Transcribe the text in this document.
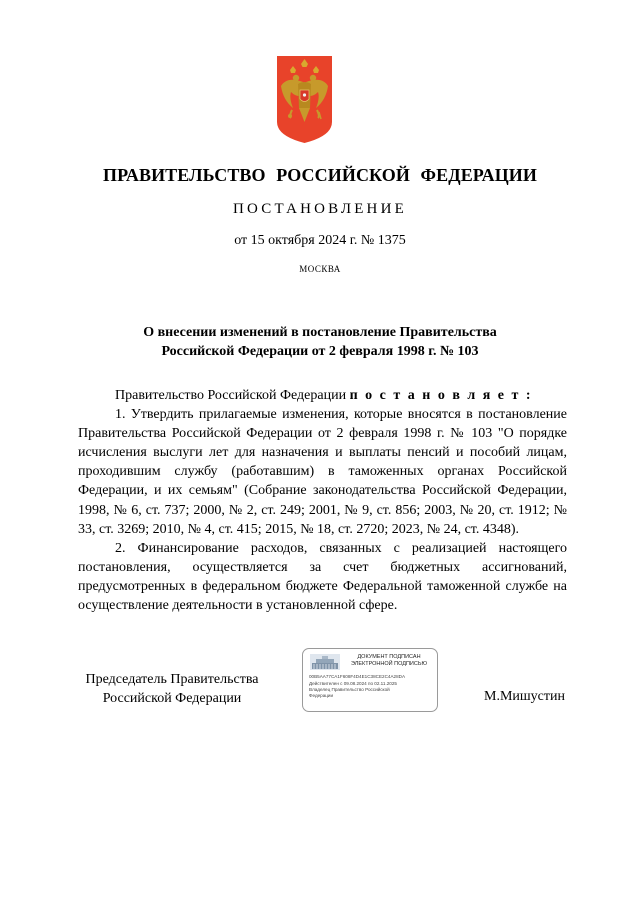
ПРАВИТЕЛЬСТВО РОССИЙСКОЙ ФЕДЕРАЦИИ
ПОСТАНОВЛЕНИЕ
от 15 октября 2024 г. № 1375
МОСКВА
О внесении изменений в постановление Правительства
Российской Федерации от 2 февраля 1998 г. № 103

Правительство Российской Федерации п о с т а н о в л я е т :

1. Утвердить прилагаемые изменения, которые вносятся в постановление Правительства Российской Федерации от 2 февраля 1998 г. № 103 "О порядке исчисления выслуги лет для назначения и выплаты пенсий и пособий лицам, проходившим службу (работавшим) в таможенных органах Российской Федерации, и их семьям" (Собрание законодательства Российской Федерации, 1998, № 6, ст. 737; 2000, № 2, ст. 249; 2001, № 9, ст. 856; 2003, № 20, ст. 1912; № 33, ст. 3269; 2010, № 4, ст. 415; 2015, № 18, ст. 2720; 2023, № 24, ст. 4348).

2. Финансирование расходов, связанных с реализацией настоящего постановления, осуществляется за счет бюджетных ассигнований, предусмотренных в федеральном бюджете Федеральной таможенной службе на осуществление деятельности в установленной сфере.

Председатель Правительства
Российской Федерации
ДОКУМЕНТ ПОДПИСАН
ЭЛЕКТРОННОЙ ПОДПИСЬЮ
00B5AA77CA1F608F4D4E1C38CE2C4A28DA
Действителен с 09.08.2024 по 02.11.2025
Владелец Правительство Российской
Федерации	М.Мишустин
